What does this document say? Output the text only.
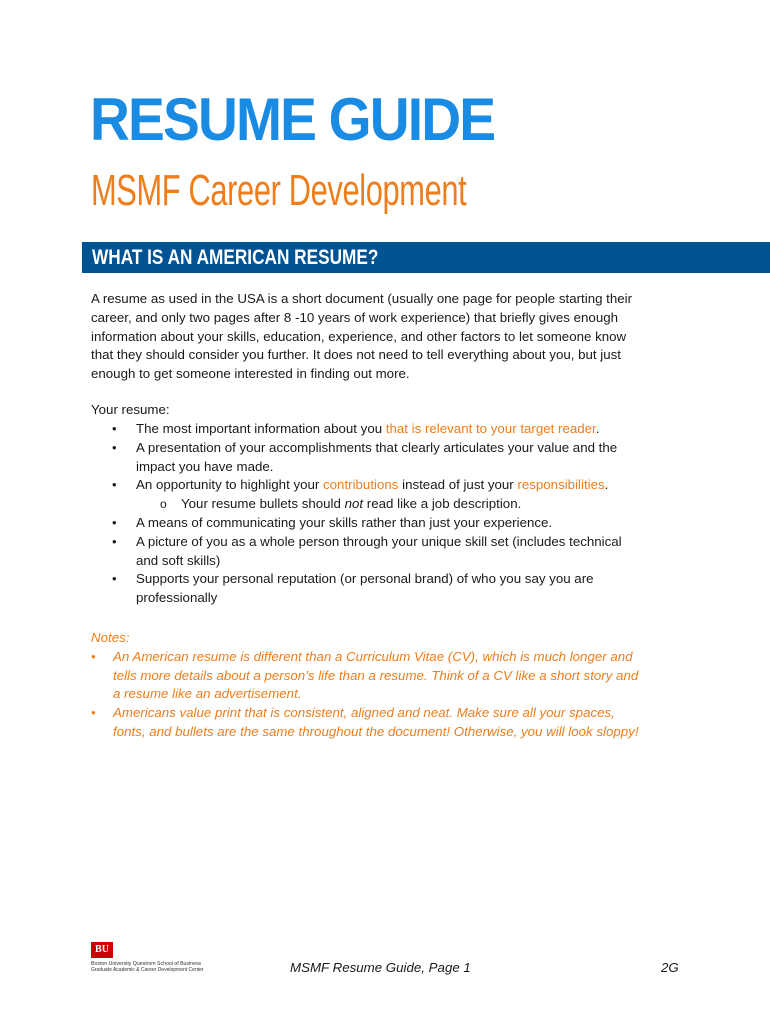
RESUME GUIDE
MSMF Career Development
WHAT IS AN AMERICAN RESUME?

A resume as used in the USA is a short document (usually one page for people starting their

career, and only two pages after 8 -10 years of work experience) that briefly gives enough

information about your skills, education, experience, and other factors to let someone know

that they should consider you further. It does not need to tell everything about you, but just

enough to get someone interested in finding out more.

Your resume:
• The most important information about you that is relevant to your target reader.
• A presentation of your accomplishments that clearly articulates your value and the
impact you have made.
• An opportunity to highlight your contributions instead of just your responsibilities.
o Your resume bullets should not read like a job description.
• A means of communicating your skills rather than just your experience.
• A picture of you as a whole person through your unique skill set (includes technical
and soft skills)
• Supports your personal reputation (or personal brand) of who you say you are
professionally
Notes:
• An American resume is different than a Curriculum Vitae (CV), which is much longer and
tells more details about a person’s life than a resume. Think of a CV like a short story and
a resume like an advertisement.
• Americans value print that is consistent, aligned and neat. Make sure all your spaces,
fonts, and bullets are the same throughout the document! Otherwise, you will look sloppy!
BU
Boston University Questrom School of Business
Graduate Academic & Career Development Center	MSMF Resume Guide, Page 1	2G
